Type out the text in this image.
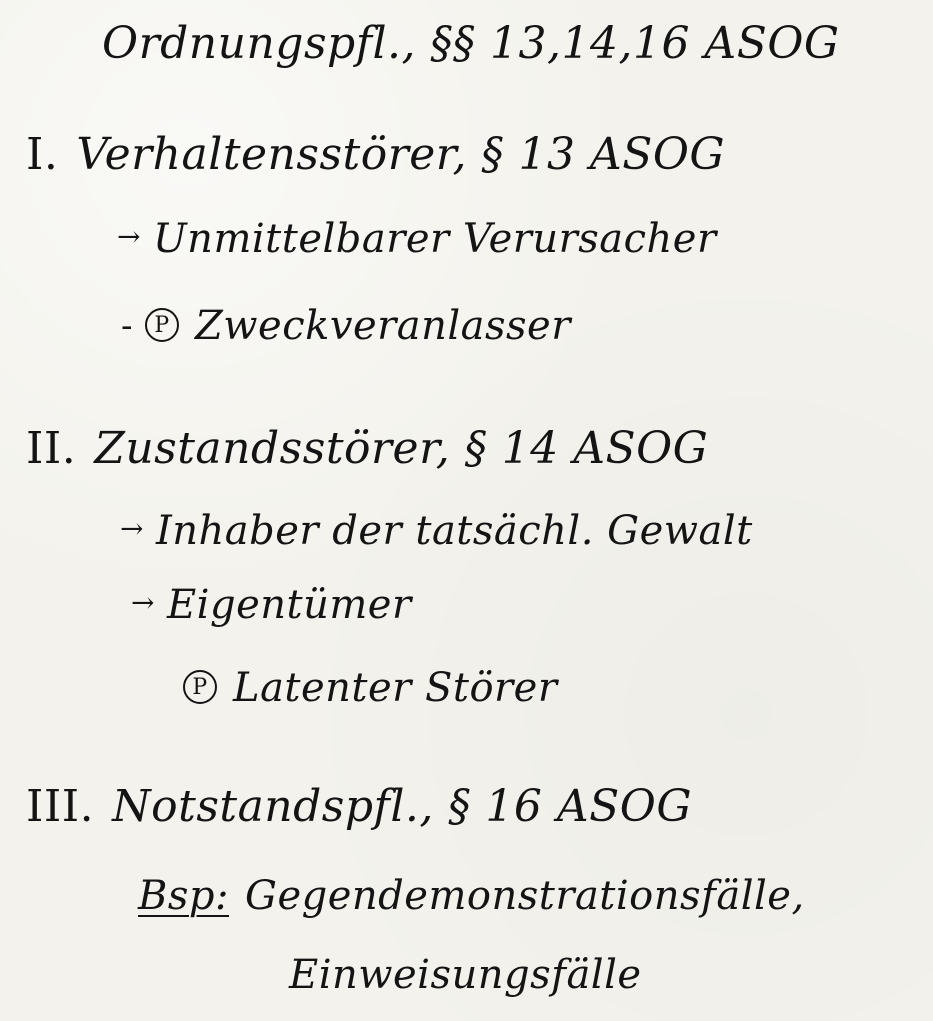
Ordnungspfl., §§ 13,14,16 ASOG
I. Verhaltensstörer, § 13 ASOG
→ Unmittelbarer Verursacher
- P Zweckveranlasser
II. Zustandsstörer, § 14 ASOG
→ Inhaber der tatsächl. Gewalt
→ Eigentümer
P Latenter Störer
III. Notstandspfl., § 16 ASOG
Bsp: Gegendemonstrationsfälle,
Einweisungsfälle
